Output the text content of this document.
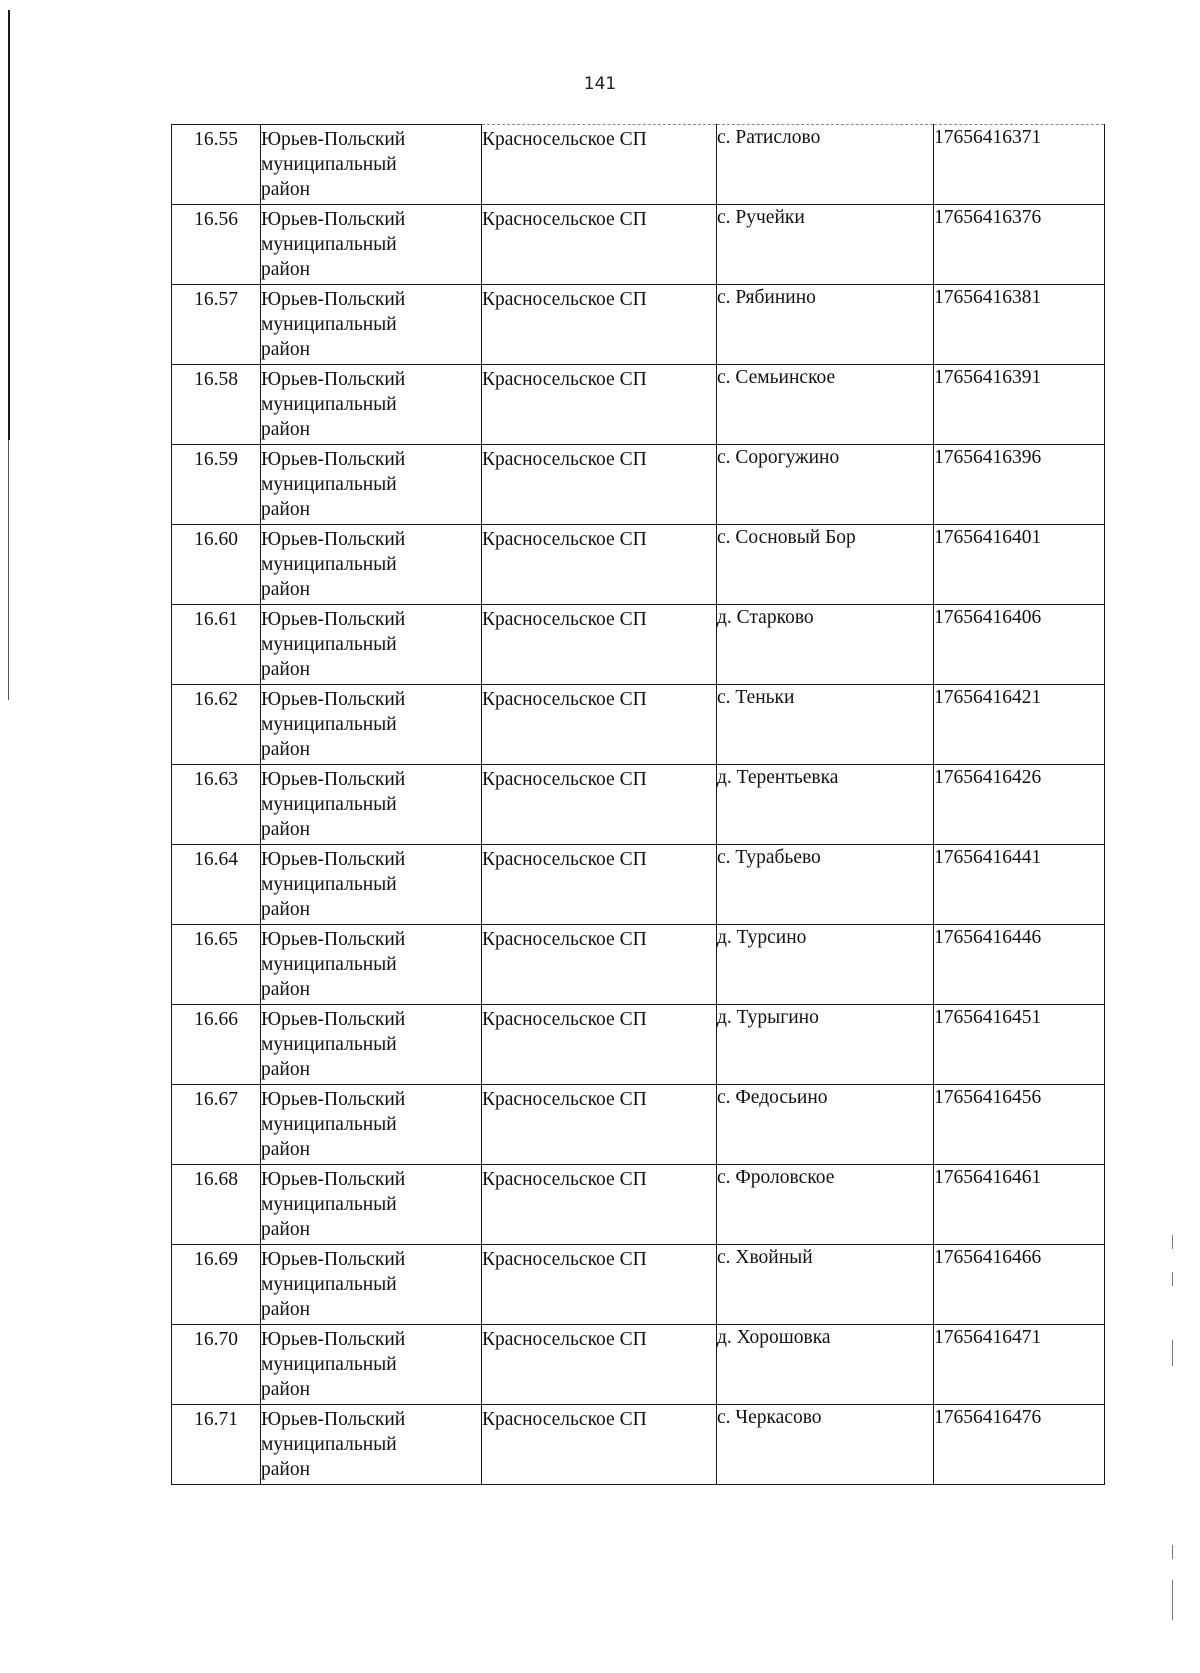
141
16.55	Юрьев-Польский
муниципальный
район	Красносельское СП	с. Ратислово	17656416371

16.56	Юрьев-Польский
муниципальный
район	Красносельское СП	с. Ручейки	17656416376

16.57	Юрьев-Польский
муниципальный
район	Красносельское СП	с. Рябинино	17656416381

16.58	Юрьев-Польский
муниципальный
район	Красносельское СП	с. Семьинское	17656416391

16.59	Юрьев-Польский
муниципальный
район	Красносельское СП	с. Сорогужино	17656416396

16.60	Юрьев-Польский
муниципальный
район	Красносельское СП	с. Сосновый Бор	17656416401

16.61	Юрьев-Польский
муниципальный
район	Красносельское СП	д. Старково	17656416406

16.62	Юрьев-Польский
муниципальный
район	Красносельское СП	с. Теньки	17656416421

16.63	Юрьев-Польский
муниципальный
район	Красносельское СП	д. Терентьевка	17656416426

16.64	Юрьев-Польский
муниципальный
район	Красносельское СП	с. Турабьево	17656416441

16.65	Юрьев-Польский
муниципальный
район	Красносельское СП	д. Турсино	17656416446

16.66	Юрьев-Польский
муниципальный
район	Красносельское СП	д. Турыгино	17656416451

16.67	Юрьев-Польский
муниципальный
район	Красносельское СП	с. Федосьино	17656416456

16.68	Юрьев-Польский
муниципальный
район	Красносельское СП	с. Фроловское	17656416461

16.69	Юрьев-Польский
муниципальный
район	Красносельское СП	с. Хвойный	17656416466

16.70	Юрьев-Польский
муниципальный
район	Красносельское СП	д. Хорошовка	17656416471

16.71	Юрьев-Польский
муниципальный
район	Красносельское СП	с. Черкасово	17656416476
